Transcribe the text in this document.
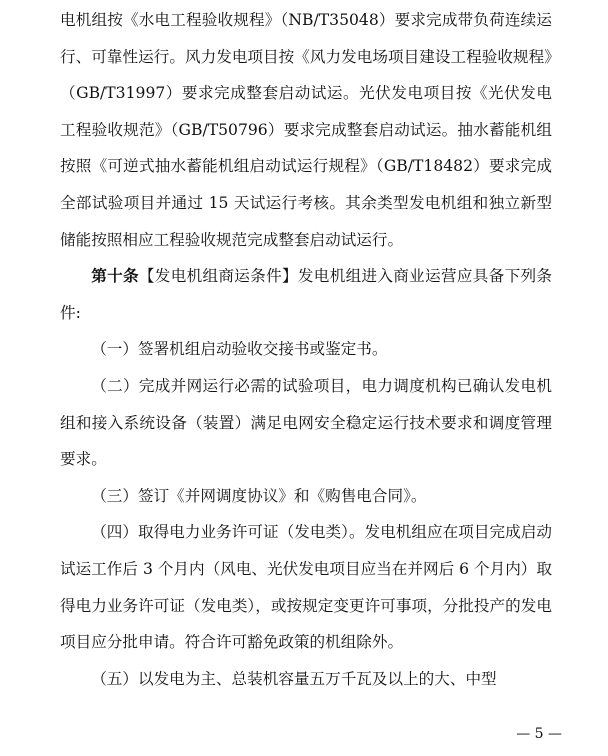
电机组按《水电工程验收规程》（NB/T35048）要求完成带负荷连续运行、可靠性运行。风力发电项目按《风力发电场项目建设工程验收规程》（GB/T31997）要求完成整套启动试运。光伏发电项目按《光伏发电工程验收规范》（GB/T50796）要求完成整套启动试运。抽水蓄能机组按照《可逆式抽水蓄能机组启动试运行规程》（GB/T18482）要求完成全部试验项目并通过 15 天试运行考核。其余类型发电机组和独立新型储能按照相应工程验收规范完成整套启动试运行。

第十条【发电机组商运条件】发电机组进入商业运营应具备下列条件:

（一）签署机组启动验收交接书或鉴定书。

（二）完成并网运行必需的试验项目，电力调度机构已确认发电机组和接入系统设备（装置）满足电网安全稳定运行技术要求和调度管理要求。

（三）签订《并网调度协议》和《购售电合同》。

（四）取得电力业务许可证（发电类）。发电机组应在项目完成启动试运工作后 3 个月内（风电、光伏发电项目应当在并网后 6 个月内）取得电力业务许可证（发电类），或按规定变更许可事项，分批投产的发电项目应分批申请。符合许可豁免政策的机组除外。

（五）以发电为主、总装机容量五万千瓦及以上的大、中型

— 5 —
